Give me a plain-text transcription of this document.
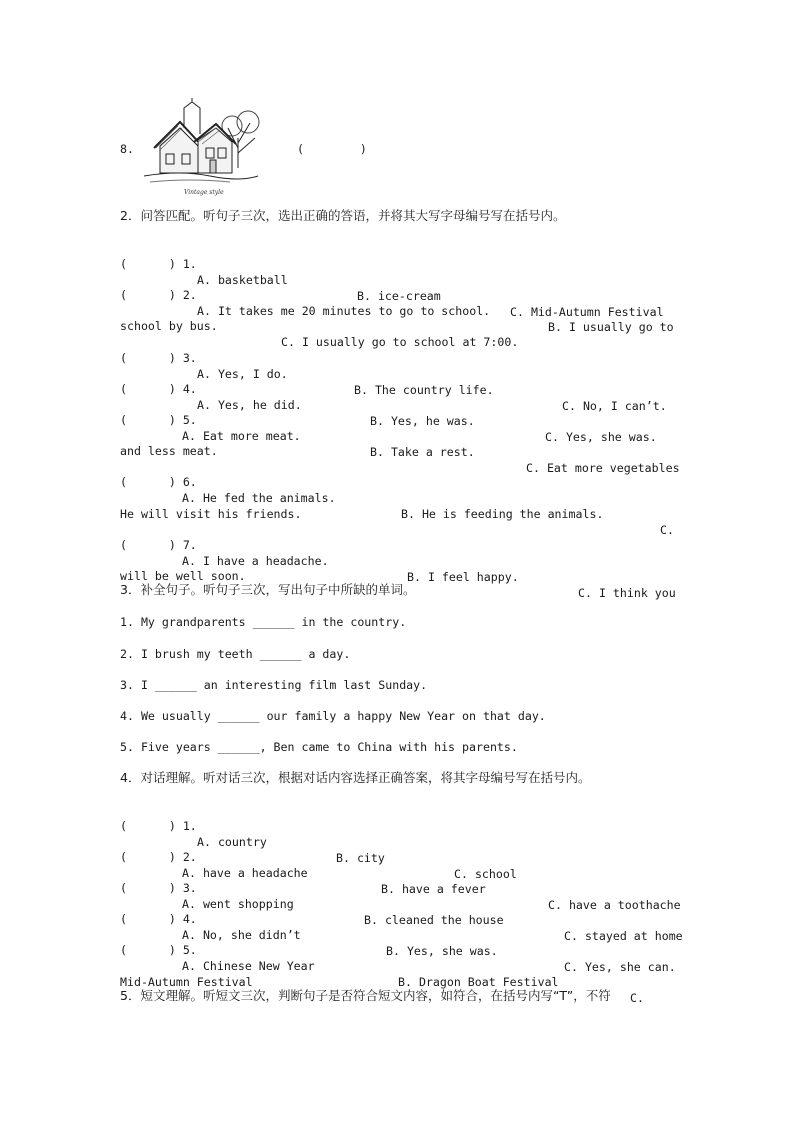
8.
Vintage style
(        )
2．问答匹配。听句子三次，选出正确的答语，并将其大写字母编号写在括号内。

(      ) 1.

A. basketball

B. ice-cream

C. Mid-Autumn Festival

(      ) 2.

A. It takes me 20 minutes to go to school.

B. I usually go to

school by bus.

C. I usually go to school at 7:00.

(      ) 3.

A. Yes, I do.

B. The country life.

C. No, I can’t.

(      ) 4.

A. Yes, he did.

B. Yes, he was.

C. Yes, she was.

(      ) 5.

A. Eat more meat.

B. Take a rest.

C. Eat more vegetables

and less meat.

(      ) 6.

A. He fed the animals.

B. He is feeding the animals.

C.

He will visit his friends.

(      ) 7.

A. I have a headache.

B. I feel happy.

C. I think you

will be well soon.

3．补全句子。听句子三次，写出句子中所缺的单词。
1. My grandparents ______ in the country.
2. I brush my teeth ______ a day.
3. I ______ an interesting film last Sunday.
4. We usually ______ our family a happy New Year on that day.
5. Five years ______, Ben came to China with his parents.
4．对话理解。听对话三次，根据对话内容选择正确答案，将其字母编号写在括号内。

(      ) 1.

A. country

B. city

C. school

(      ) 2.

A. have a headache

B. have a fever

C. have a toothache

(      ) 3.

A. went shopping

B. cleaned the house

C. stayed at home

(      ) 4.

A. No, she didn’t

B. Yes, she was.

C. Yes, she can.

(      ) 5.

A. Chinese New Year

B. Dragon Boat Festival

C.

Mid-Autumn Festival

5．短文理解。听短文三次，判断句子是否符合短文内容，如符合，在括号内写“T”，不符
